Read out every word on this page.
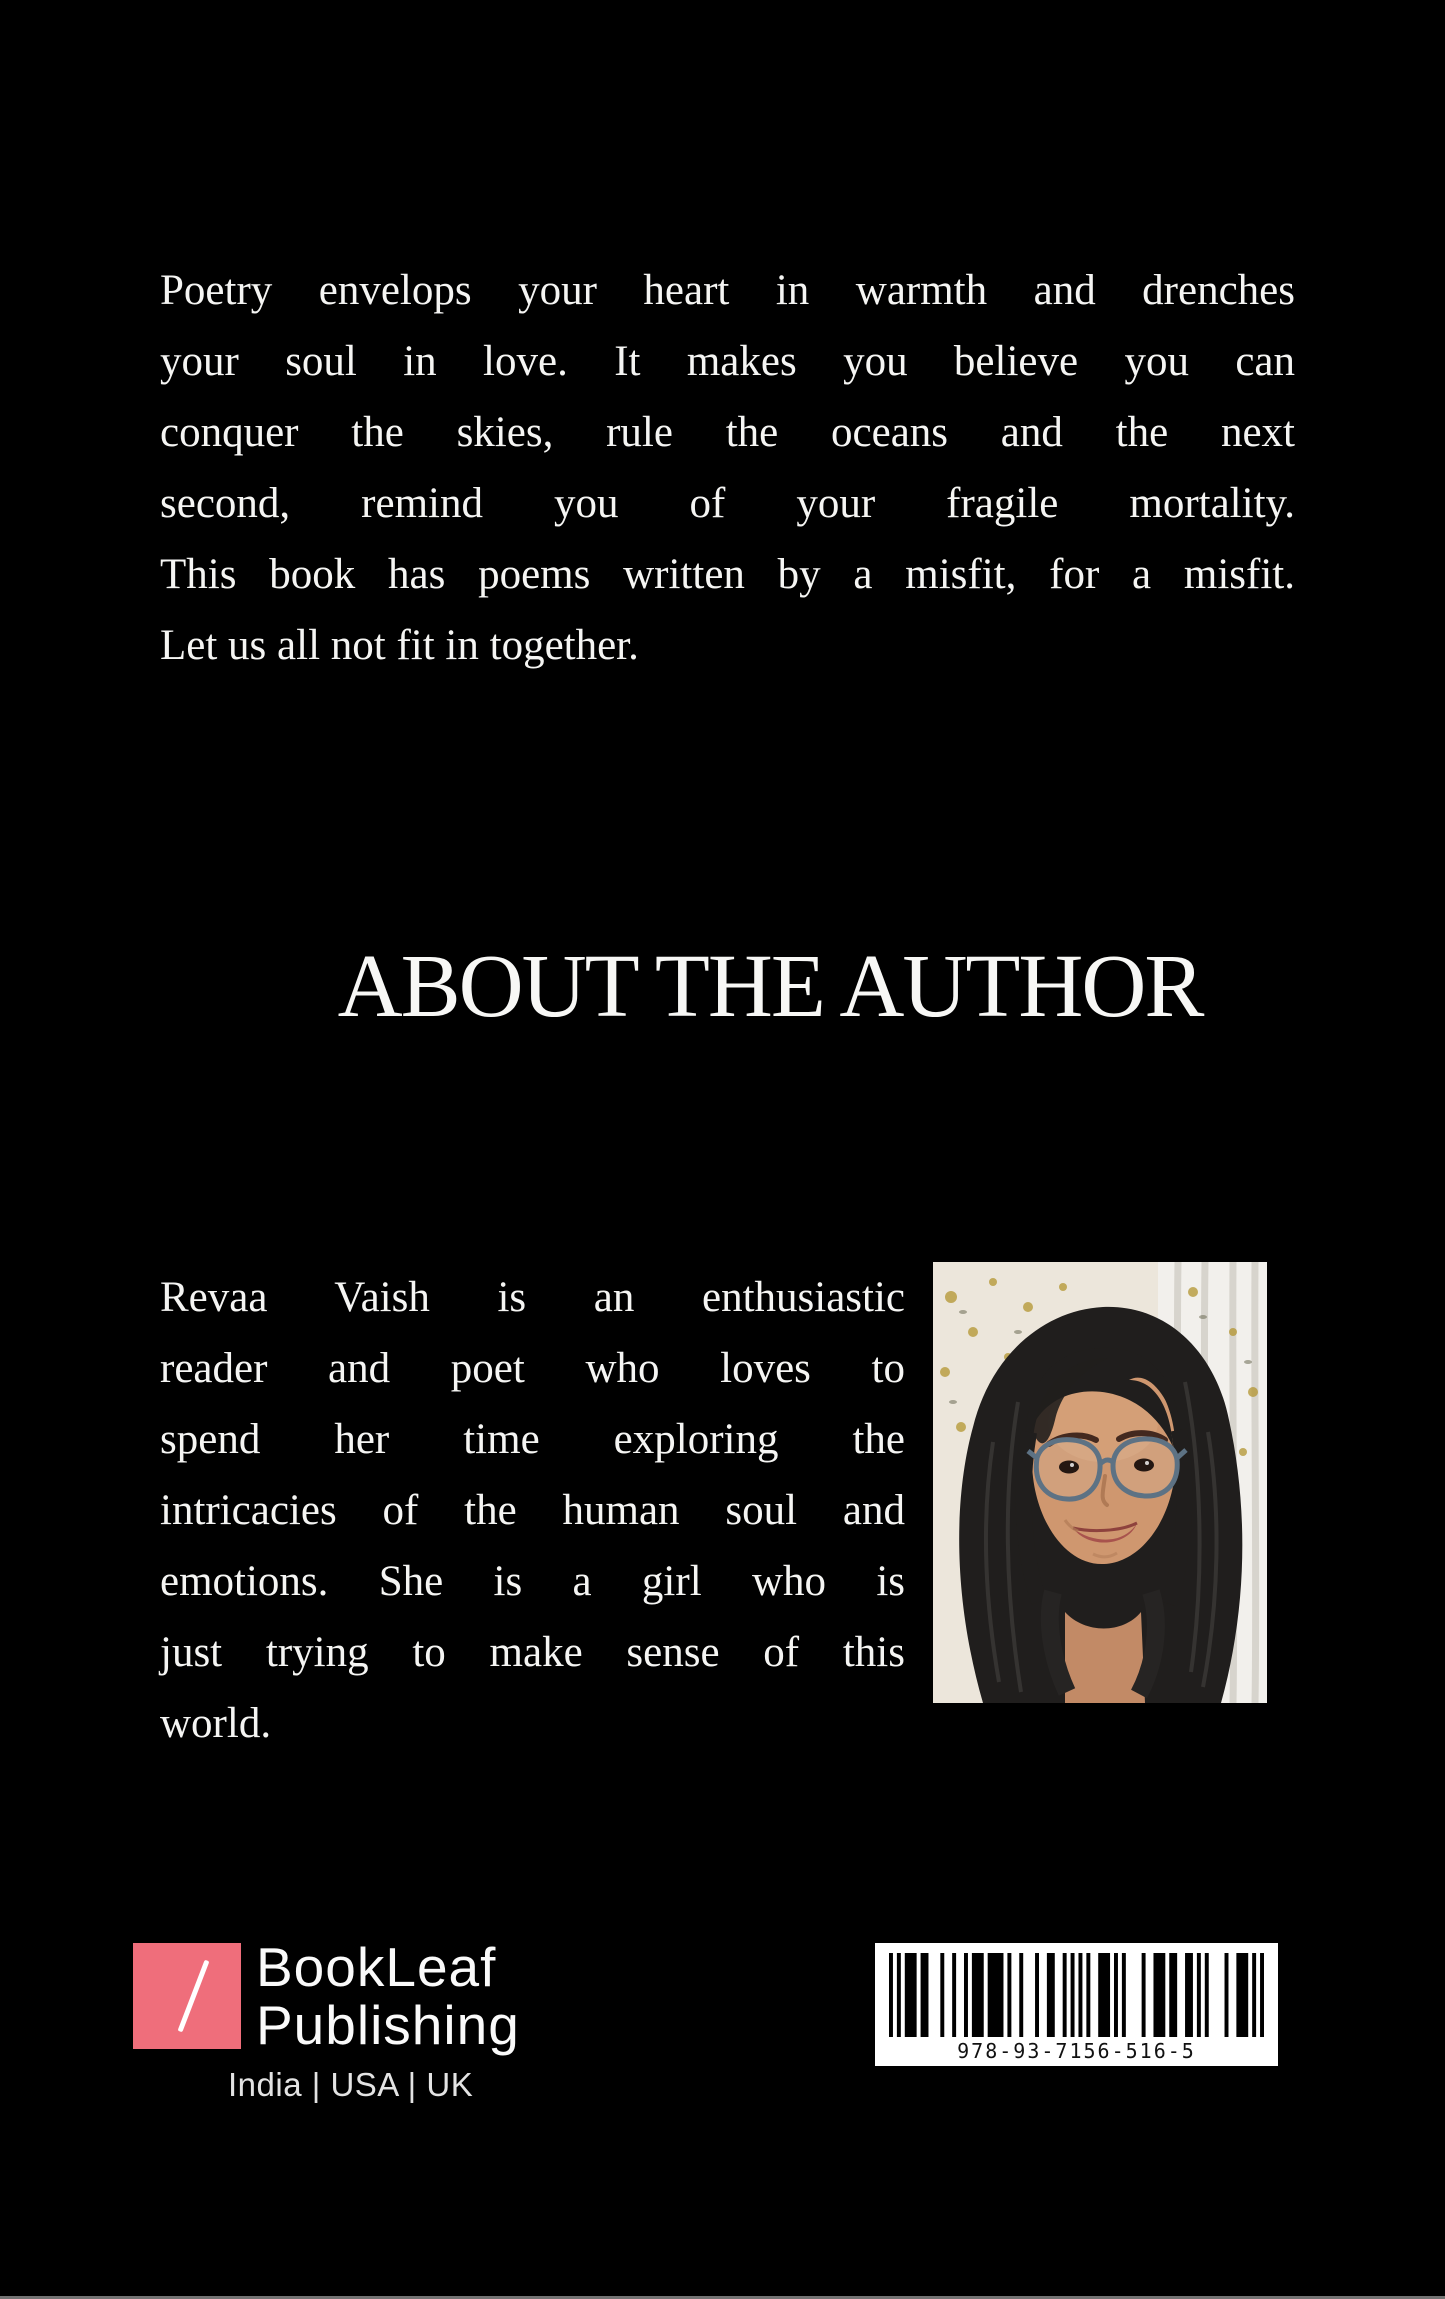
Poetry envelops your heart in warmth and drenches
your soul in love. It makes you believe you can
conquer the skies, rule the oceans and the next
second, remind you of your fragile mortality.
This book has poems written by a misfit, for a misfit.
Let us all not fit in together.
ABOUT THE AUTHOR
Revaa Vaish is an enthusiastic
reader and poet who loves to
spend her time exploring the
intricacies of the human soul and
emotions. She is a girl who is
just trying to make sense of this
world.
BookLeaf
Publishing
India | USA | UK
978-93-7156-516-5
